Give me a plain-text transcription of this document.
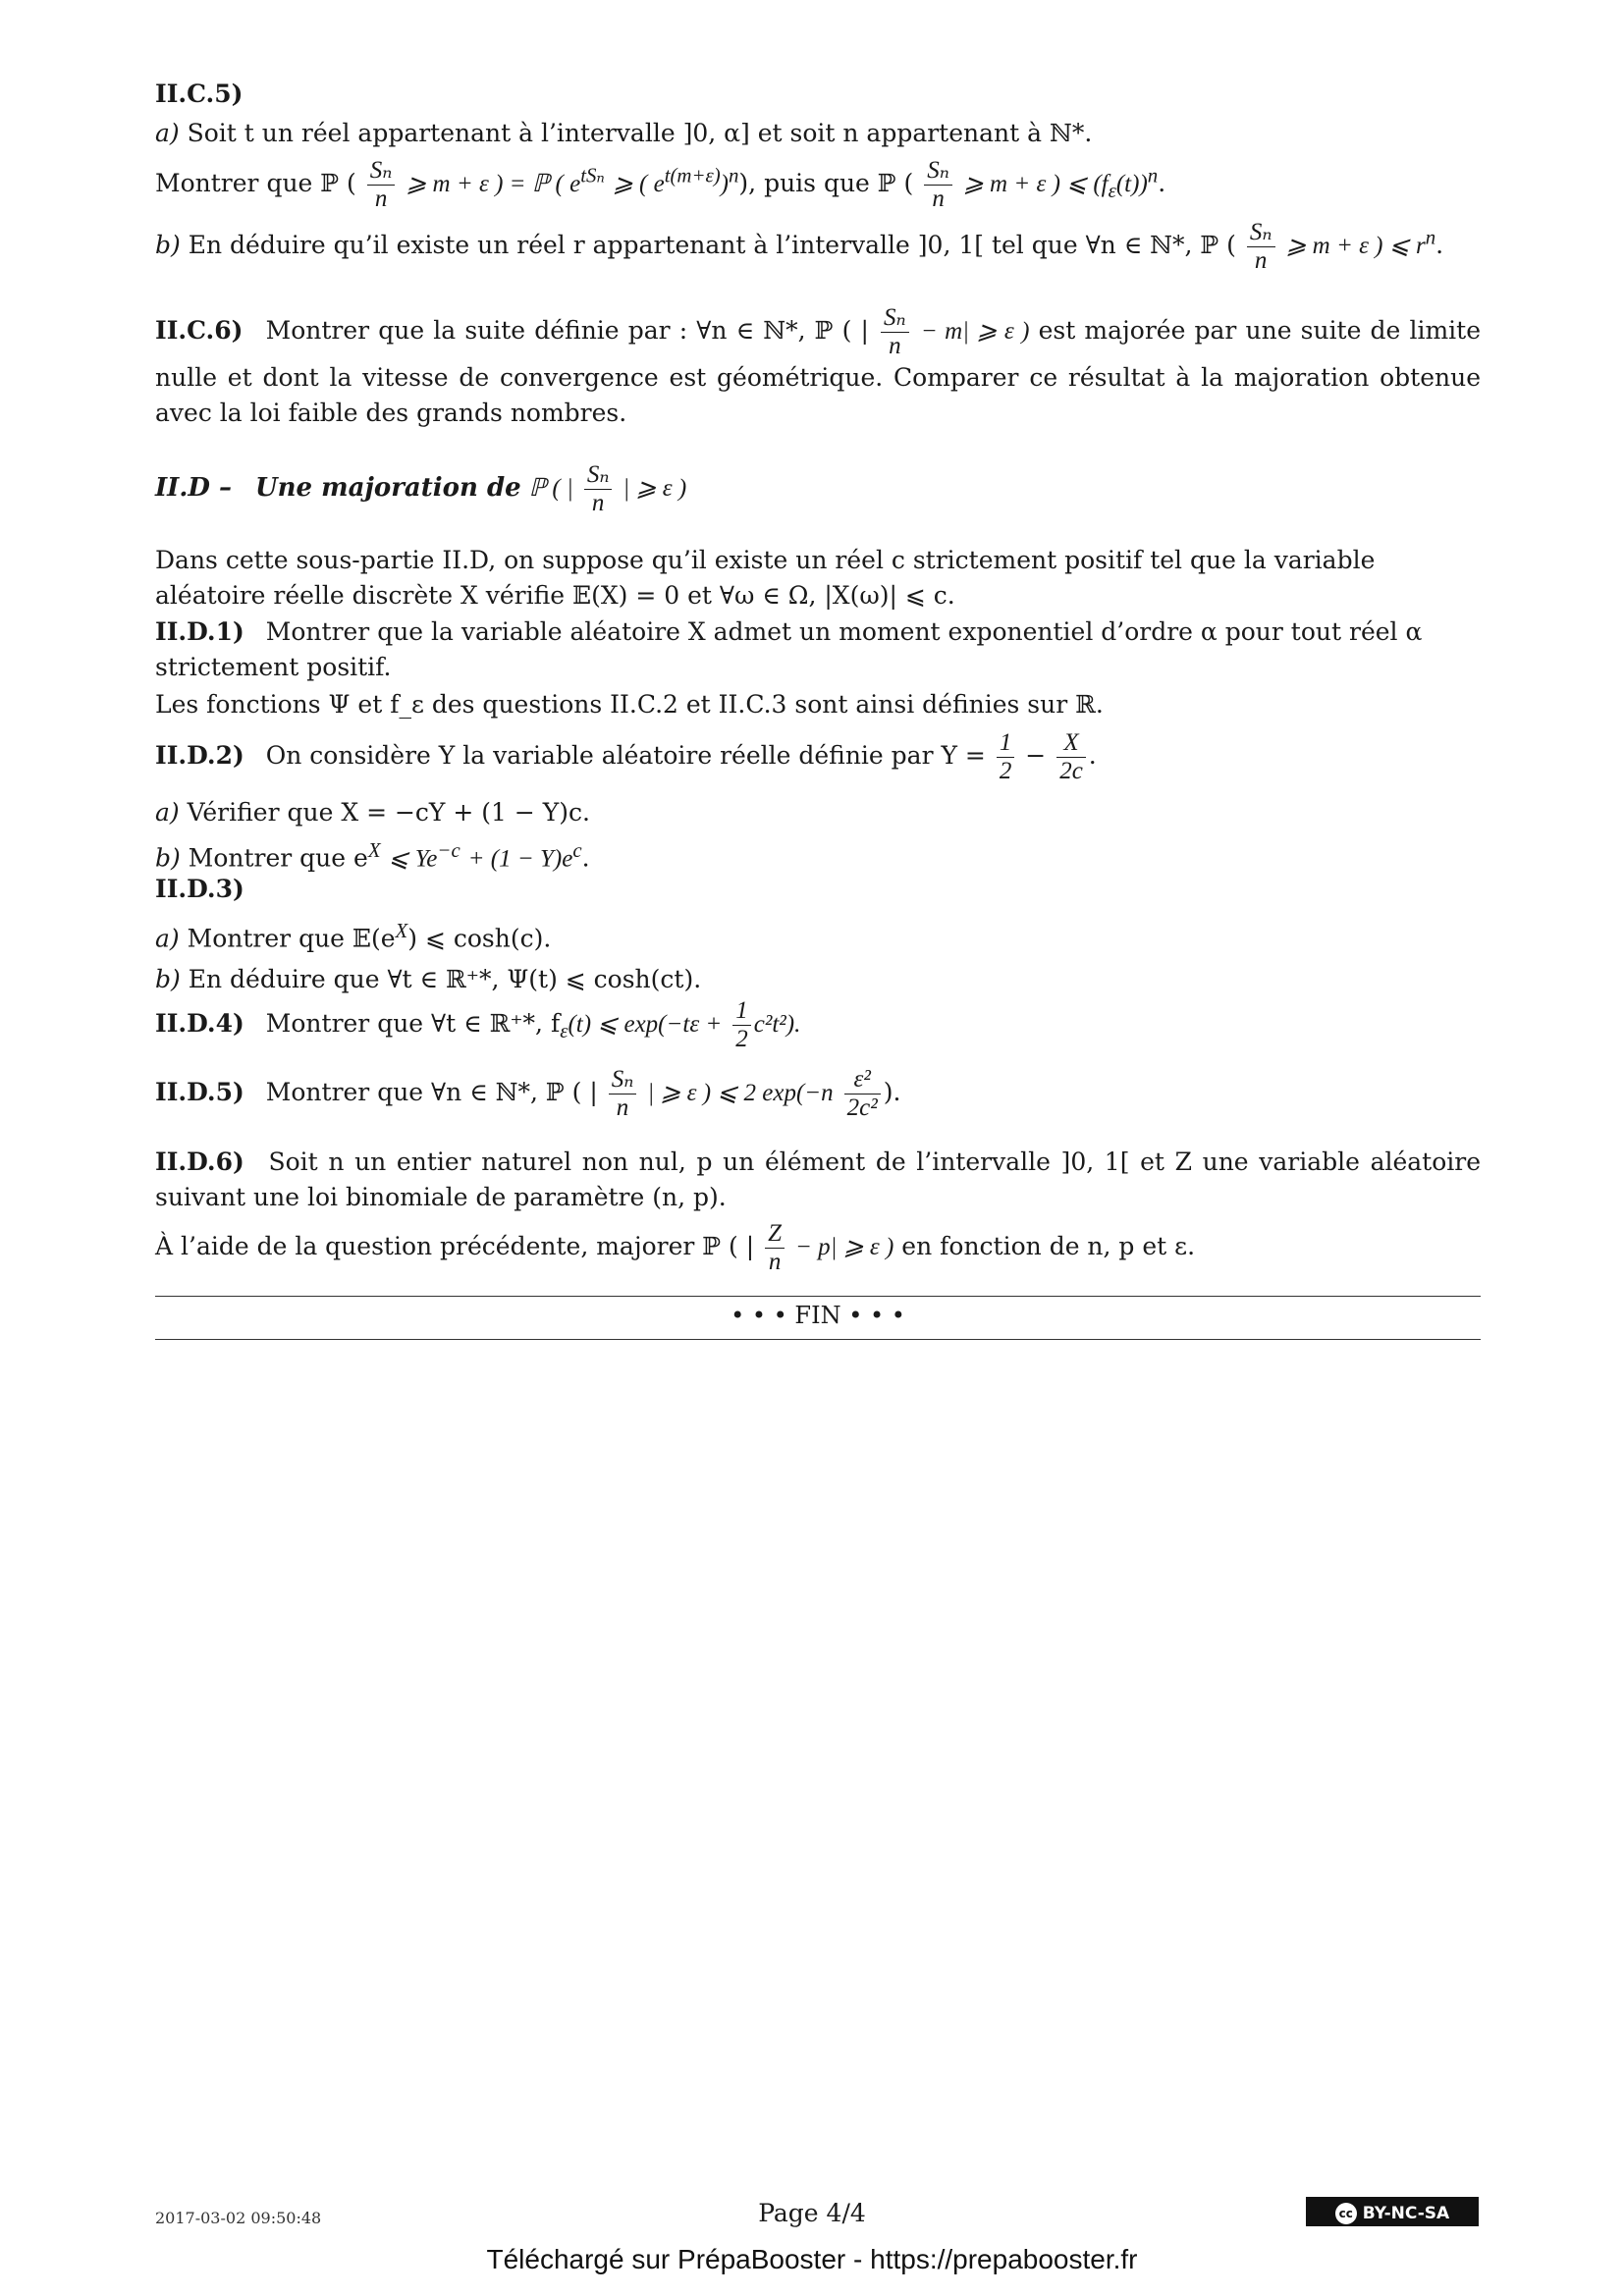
II.C.5)
a) Soit t un réel appartenant à l’intervalle ]0, α] et soit n appartenant à ℕ*.
Montrer que ℙ ( $\frac{\text{Sₙ}}{n}$ ⩾ m + ε ) = ℙ ( $e^{tS_n}$ ⩾ ( $e^{t(m+\varepsilon)})^n$), puis que ℙ ( $\frac{\text{Sₙ}}{n}$ ⩾ m + ε ) ⩽ $(f_\varepsilon(t))^n$.
b) En déduire qu’il existe un réel r appartenant à l’intervalle ]0, 1[ tel que ∀n ∈ ℕ*, ℙ ( $\frac{\text{Sₙ}}{n}$ ⩾ m + ε ) ⩽ $r^n$.
II.C.6) Montrer que la suite définie par : ∀n ∈ ℕ*, ℙ ( | $\frac{\text{Sₙ}}{n} - m|$ ⩾ ε ) est majorée par une suite de limite nulle et dont la vitesse de convergence est géométrique. Comparer ce résultat à la majoration obtenue avec la loi faible des grands nombres.
II.D – Une majoration de ℙ ( | $\frac{\text{Sₙ}}{n}$ | ⩾ ε )
Dans cette sous-partie II.D, on suppose qu’il existe un réel c strictement positif tel que la variable aléatoire réelle discrète X vérifie 𝔼(X) = 0 et ∀ω ∈ Ω, |X(ω)| ⩽ c.
II.D.1) Montrer que la variable aléatoire X admet un moment exponentiel d’ordre α pour tout réel α strictement positif.
Les fonctions Ψ et f_ε des questions II.C.2 et II.C.3 sont ainsi définies sur ℝ.
II.D.2) On considère Y la variable aléatoire réelle définie par $Y = \frac{1}{2} - \frac{X}{2c}$ .
a) Vérifier que X = −cY + (1 − Y)c.
b) Montrer que $e^X$ ⩽ $Ye^{-c} + (1 - Y)e^c$.
II.D.3)
a) Montrer que $𝔼(e^X)$ ⩽ cosh(c).
b) En déduire que ∀t ∈ ℝ⁺*, Ψ(t) ⩽ cosh(ct).
II.D.4) Montrer que ∀t ∈ ℝ⁺*, $f_\varepsilon(t)$ ⩽ $\exp(-t\varepsilon + \frac{1}{2} c^2t^2)$.
II.D.5) Montrer que ∀n ∈ ℕ*, ℙ ( | $\frac{\text{Sₙ}}{n}$ | ⩾ ε ) ⩽ 2 $\exp(-n \frac{\text{ε²}}{\text{2c²}}$ ).
II.D.6) Soit n un entier naturel non nul, p un élément de l’intervalle ]0, 1[ et Z une variable aléatoire suivant une loi binomiale de paramètre (n, p).
À l’aide de la question précédente, majorer ℙ ( | $\frac{Z}{n} - p|$ ⩾ ε ) en fonction de n, p et ε.
• • • FIN • • •
2017-03-02 09:50:48	Page 4/4	cc BY-NC-SA
Téléchargé sur PrépaBooster - https://prepabooster.fr
